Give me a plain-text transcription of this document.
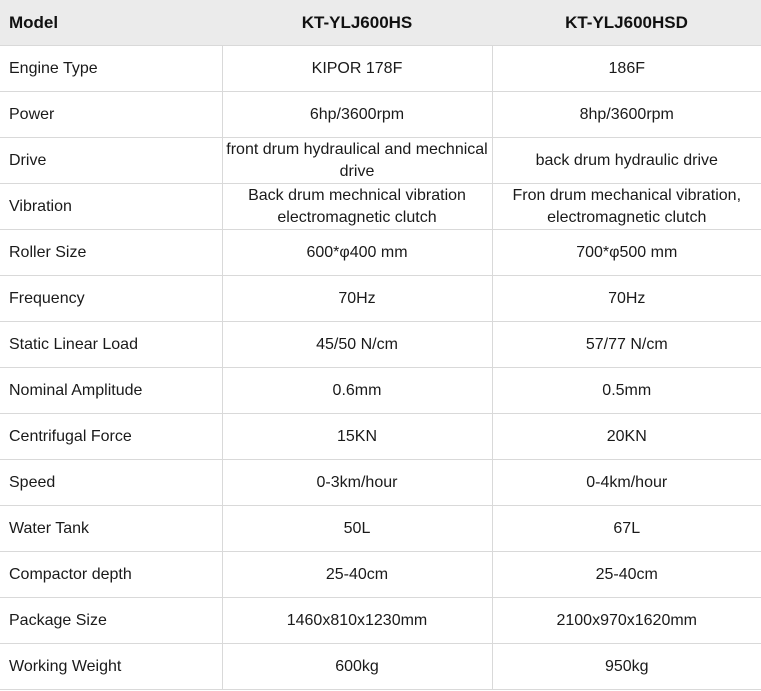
Model	KT-YLJ600HS	KT-YLJ600HSD
Engine Type	KIPOR 178F	186F
Power	6hp/3600rpm	8hp/3600rpm
Drive	front drum hydraulical and mechnical drive	back drum hydraulic drive
Vibration	Back drum mechnical vibration electromagnetic clutch	Fron drum mechanical vibration, electromagnetic clutch
Roller Size	600*φ400 mm	700*φ500 mm
Frequency	70Hz	70Hz
Static Linear Load	45/50 N/cm	57/77 N/cm
Nominal Amplitude	0.6mm	0.5mm
Centrifugal Force	15KN	20KN
Speed	0-3km/hour	0-4km/hour
Water Tank	50L	67L
Compactor depth	25-40cm	25-40cm
Package Size	1460x810x1230mm	2100x970x1620mm
Working Weight	600kg	950kg
